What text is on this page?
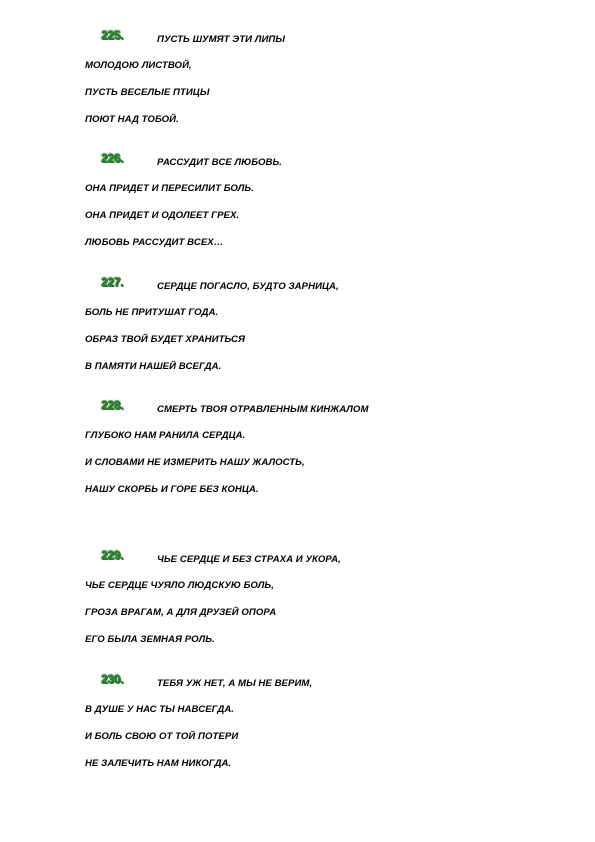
225.	ПУСТЬ ШУМЯТ ЭТИ ЛИПЫ
МОЛОДОЮ ЛИСТВОЙ,
ПУСТЬ ВЕСЕЛЫЕ ПТИЦЫ
ПОЮТ НАД ТОБОЙ.
226.	РАССУДИТ ВСЕ ЛЮБОВЬ.
ОНА ПРИДЕТ И ПЕРЕСИЛИТ БОЛЬ.
ОНА ПРИДЕТ И ОДОЛЕЕТ ГРЕХ.
ЛЮБОВЬ РАССУДИТ ВСЕХ…
227.	СЕРДЦЕ ПОГАСЛО, БУДТО ЗАРНИЦА,
БОЛЬ НЕ ПРИТУШАТ ГОДА.
ОБРАЗ ТВОЙ БУДЕТ ХРАНИТЬСЯ
В ПАМЯТИ НАШЕЙ ВСЕГДА.
228.	СМЕРТЬ ТВОЯ ОТРАВЛЕННЫМ КИНЖАЛОМ
ГЛУБОКО НАМ РАНИЛА СЕРДЦА.
И СЛОВАМИ НЕ ИЗМЕРИТЬ НАШУ ЖАЛОСТЬ,
НАШУ СКОРБЬ И ГОРЕ БЕЗ КОНЦА.
229.	ЧЬЕ СЕРДЦЕ И БЕЗ СТРАХА И УКОРА,
ЧЬЕ СЕРДЦЕ ЧУЯЛО ЛЮДСКУЮ БОЛЬ,
ГРОЗА ВРАГАМ, А ДЛЯ ДРУЗЕЙ ОПОРА
ЕГО БЫЛА ЗЕМНАЯ РОЛЬ.
230.	ТЕБЯ УЖ НЕТ, А МЫ НЕ ВЕРИМ,
В ДУШЕ У НАС ТЫ НАВСЕГДА.
И БОЛЬ СВОЮ ОТ ТОЙ ПОТЕРИ
НЕ ЗАЛЕЧИТЬ НАМ НИКОГДА.
